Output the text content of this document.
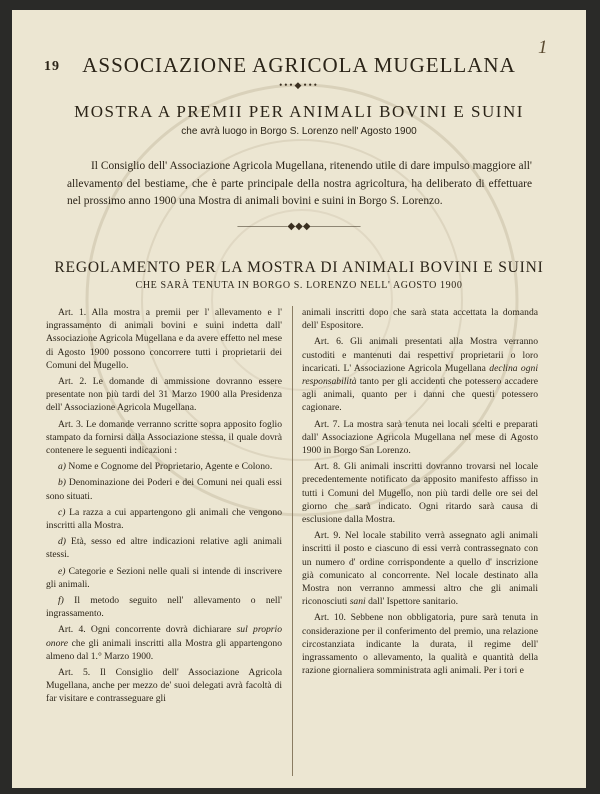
19
1
ASSOCIAZIONE AGRICOLA MUGELLANA
•••◆•••
MOSTRA A PREMII PER ANIMALI BOVINI E SUINI
che avrà luogo in Borgo S. Lorenzo nell' Agosto 1900
Il Consiglio dell' Associazione Agricola Mugellana, ritenendo utile di dare impulso maggiore all' allevamento del bestiame, che è parte principale della nostra agricoltura, ha deliberato di effettuare nel prossimo anno 1900 una Mostra di animali bovini e suini in Borgo S. Lorenzo.
—————◆◆◆—————
REGOLAMENTO PER LA MOSTRA DI ANIMALI BOVINI E SUINI
CHE SARÀ TENUTA IN BORGO S. LORENZO NELL' AGOSTO 1900

Art. 1. Alla mostra a premii per l' allevamento e l' ingrassamento di animali bovini e suini indetta dall' Associazione Agricola Mugellana e da avere effetto nel mese di Agosto 1900 possono concorrere tutti i proprietarii dei Comuni del Mugello.

Art. 2. Le domande di ammissione dovranno essere presentate non più tardi del 31 Marzo 1900 alla Presidenza dell' Associazione Agricola Mugellana.

Art. 3. Le domande verranno scritte sopra apposito foglio stampato da fornirsi dalla Associazione stessa, il quale dovrà contenere le seguenti indicazioni :

a) Nome e Cognome del Proprietario, Agente e Colono.

b) Denominazione dei Poderi e dei Comuni nei quali essi sono situati.

c) La razza a cui appartengono gli animali che vengono inscritti alla Mostra.

d) Età, sesso ed altre indicazioni relative agli animali stessi.

e) Categorie e Sezioni nelle quali si intende di inscrivere gli animali.

f) Il metodo seguito nell' allevamento o nell' ingrassamento.

Art. 4. Ogni concorrente dovrà dichiarare sul proprio onore che gli animali inscritti alla Mostra gli appartengono almeno dal 1.° Marzo 1900.

Art. 5. Il Consiglio dell' Associazione Agricola Mugellana, anche per mezzo de' suoi delegati avrà facoltà di far visitare e contrasseguare gli

animali inscritti dopo che sarà stata accettata la domanda dell' Espositore.

Art. 6. Gli animali presentati alla Mostra verranno custoditi e mantenuti dai respettivi proprietarii o loro incaricati. L' Associazione Agricola Mugellana declina ogni responsabilità tanto per gli accidenti che potessero accadere agli animali, quanto per i danni che questi potessero cagionare.

Art. 7. La mostra sarà tenuta nei locali scelti e preparati dall' Associazione Agricola Mugellana nel mese di Agosto 1900 in Borgo San Lorenzo.

Art. 8. Gli animali inscritti dovranno trovarsi nel locale precedentemente notificato da apposito manifesto affisso in tutti i Comuni del Mugello, non più tardi delle ore sei del giorno che sarà indicato. Ogni ritardo sarà causa di esclusione dalla Mostra.

Art. 9. Nel locale stabilito verrà assegnato agli animali inscritti il posto e ciascuno di essi verrà contrassegnato con un numero d' ordine corrispondente a quello d' inscrizione già comunicato al concorrente. Nel locale destinato alla Mostra non verranno ammessi altro che gli animali riconosciuti sani dall' Ispettore sanitario.

Art. 10. Sebbene non obbligatoria, pure sarà tenuta in considerazione per il conferimento del premio, una relazione circostanziata indicante la durata, il regime dell' ingrassamento o allevamento, la qualità e quantità della razione giornaliera somministrata agli animali. Per i tori e
